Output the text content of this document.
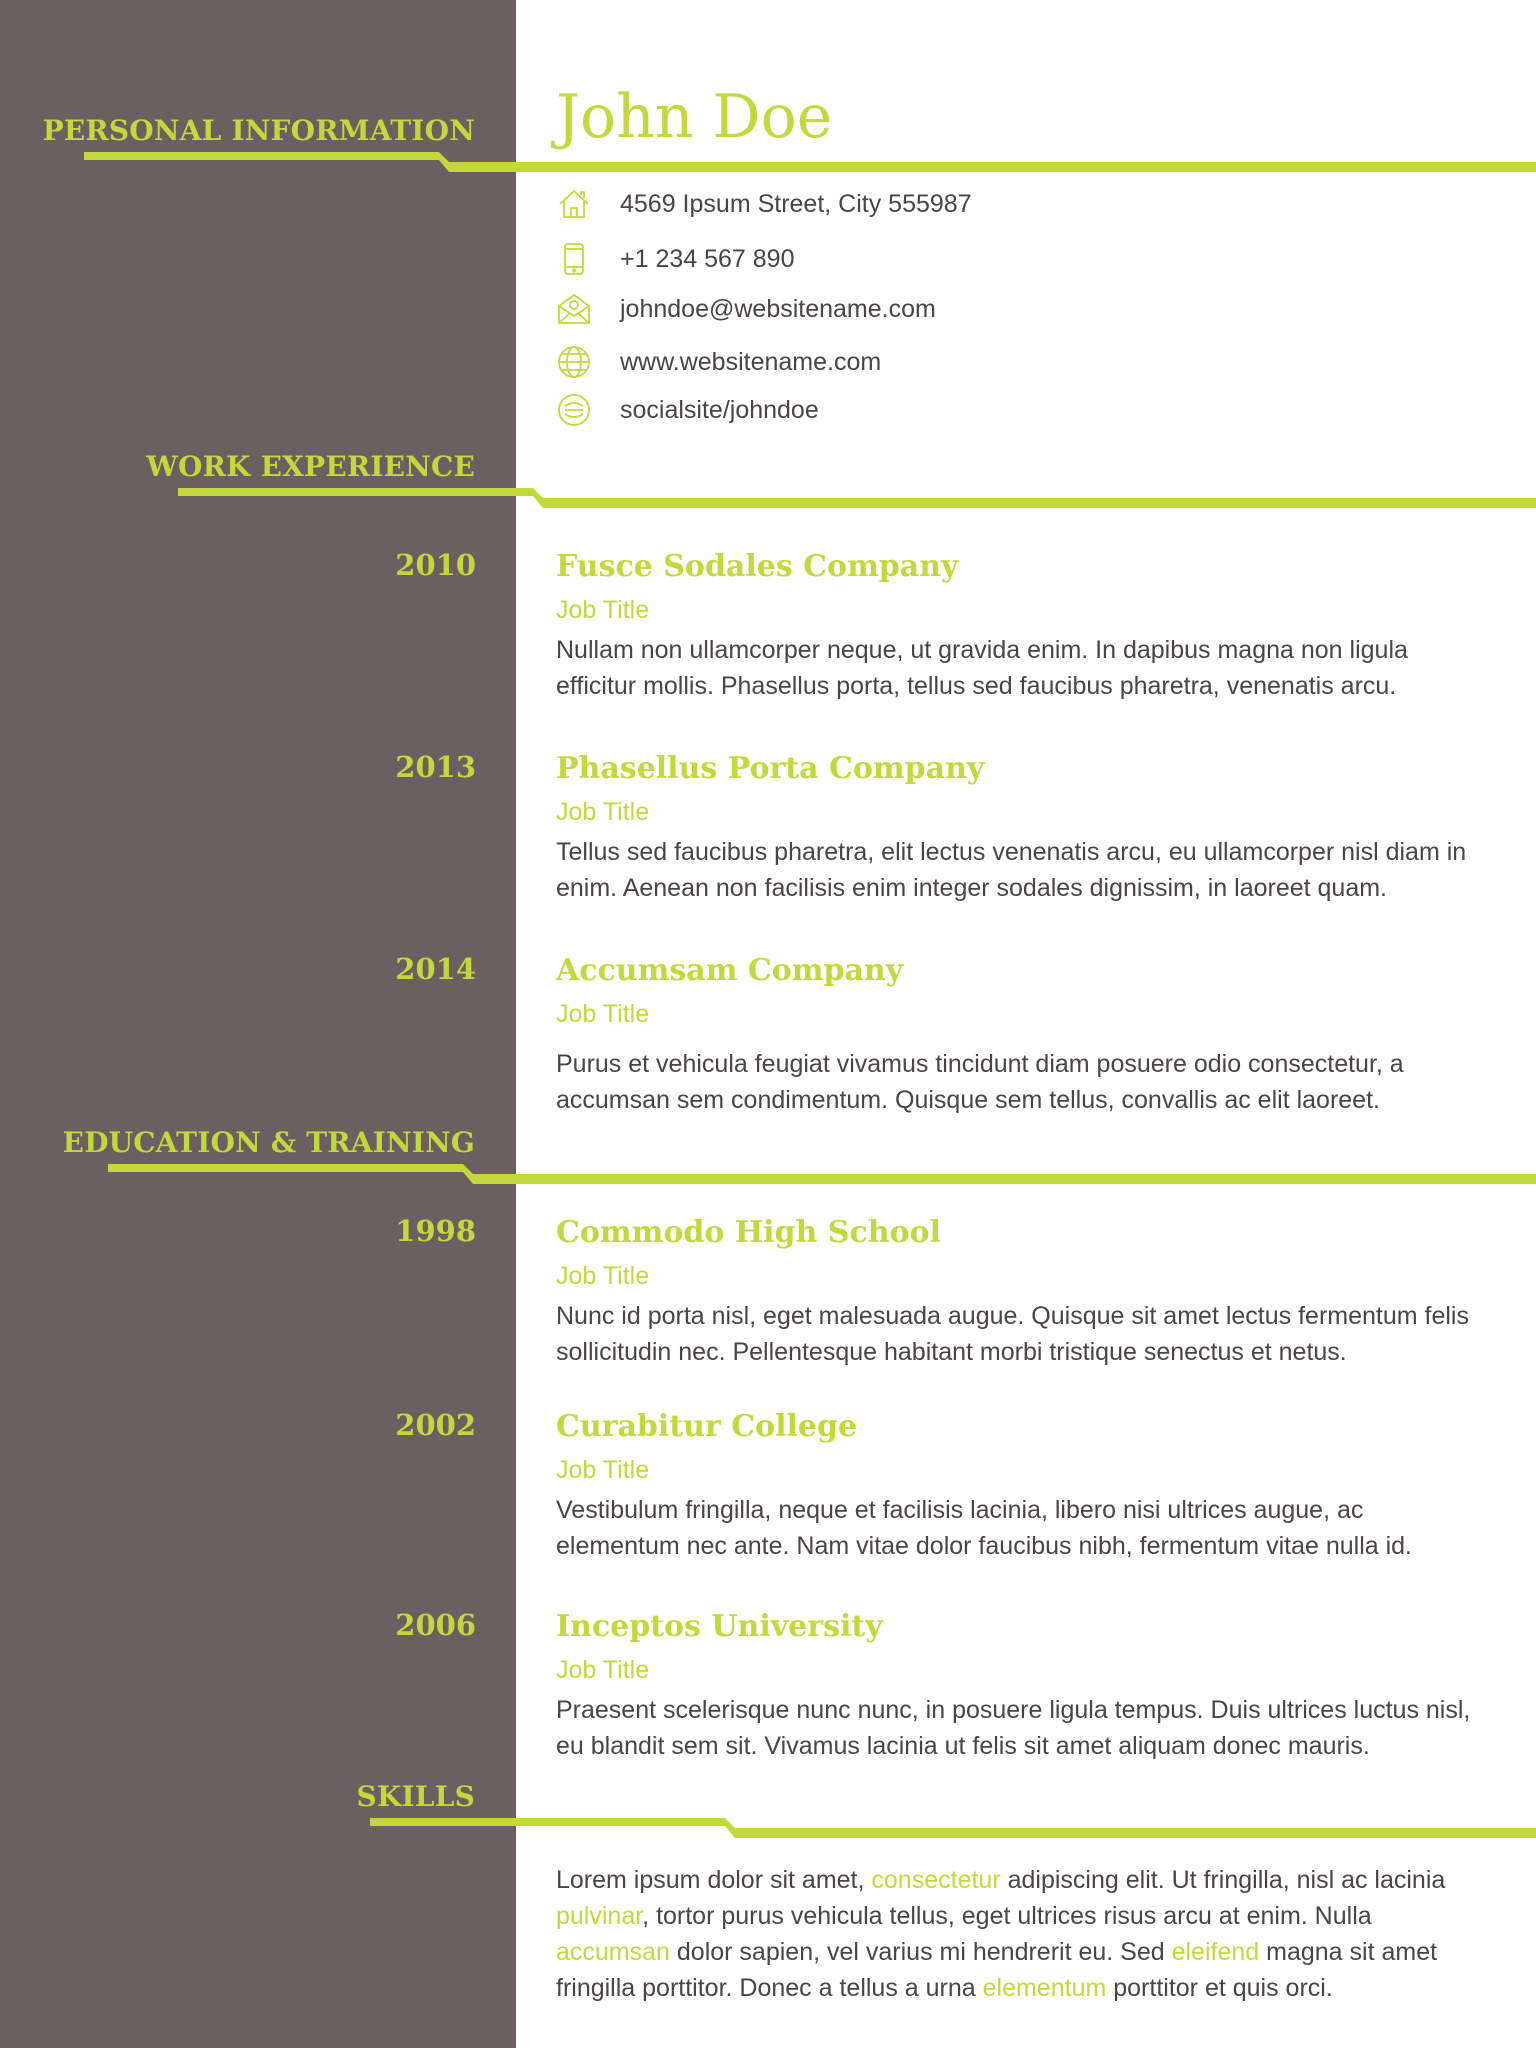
PERSONAL INFORMATION John Doe
4569 Ipsum Street, City 555987
+1 234 567 890
johndoe@websitename.com
www.websitename.com
socialsite/johndoe
WORK EXPERIENCE
2010	Fusce Sodales Company
Job Title
Nullam non ullamcorper neque, ut gravida enim. In dapibus magna non ligula efficitur mollis. Phasellus porta, tellus sed faucibus pharetra, venenatis arcu.
2013	Phasellus Porta Company
Job Title
Tellus sed faucibus pharetra, elit lectus venenatis arcu, eu ullamcorper nisl diam in enim. Aenean non facilisis enim integer sodales dignissim, in laoreet quam.
2014	Accumsam Company
Job Title
Purus et vehicula feugiat vivamus tincidunt diam posuere odio consectetur, a accumsan sem condimentum. Quisque sem tellus, convallis ac elit laoreet.
EDUCATION & TRAINING
1998	Commodo High School
Job Title
Nunc id porta nisl, eget malesuada augue. Quisque sit amet lectus fermentum felis sollicitudin nec. Pellentesque habitant morbi tristique senectus et netus.
2002	Curabitur College
Job Title
Vestibulum fringilla, neque et facilisis lacinia, libero nisi ultrices augue, ac elementum nec ante. Nam vitae dolor faucibus nibh, fermentum vitae nulla id.
2006	Inceptos University
Job Title
Praesent scelerisque nunc nunc, in posuere ligula tempus. Duis ultrices luctus nisl, eu blandit sem sit. Vivamus lacinia ut felis sit amet aliquam donec mauris.
SKILLS
Lorem ipsum dolor sit amet, consectetur adipiscing elit. Ut fringilla, nisl ac lacinia pulvinar, tortor purus vehicula tellus, eget ultrices risus arcu at enim. Nulla accumsan dolor sapien, vel varius mi hendrerit eu. Sed eleifend magna sit amet fringilla porttitor. Donec a tellus a urna elementum porttitor et quis orci.
